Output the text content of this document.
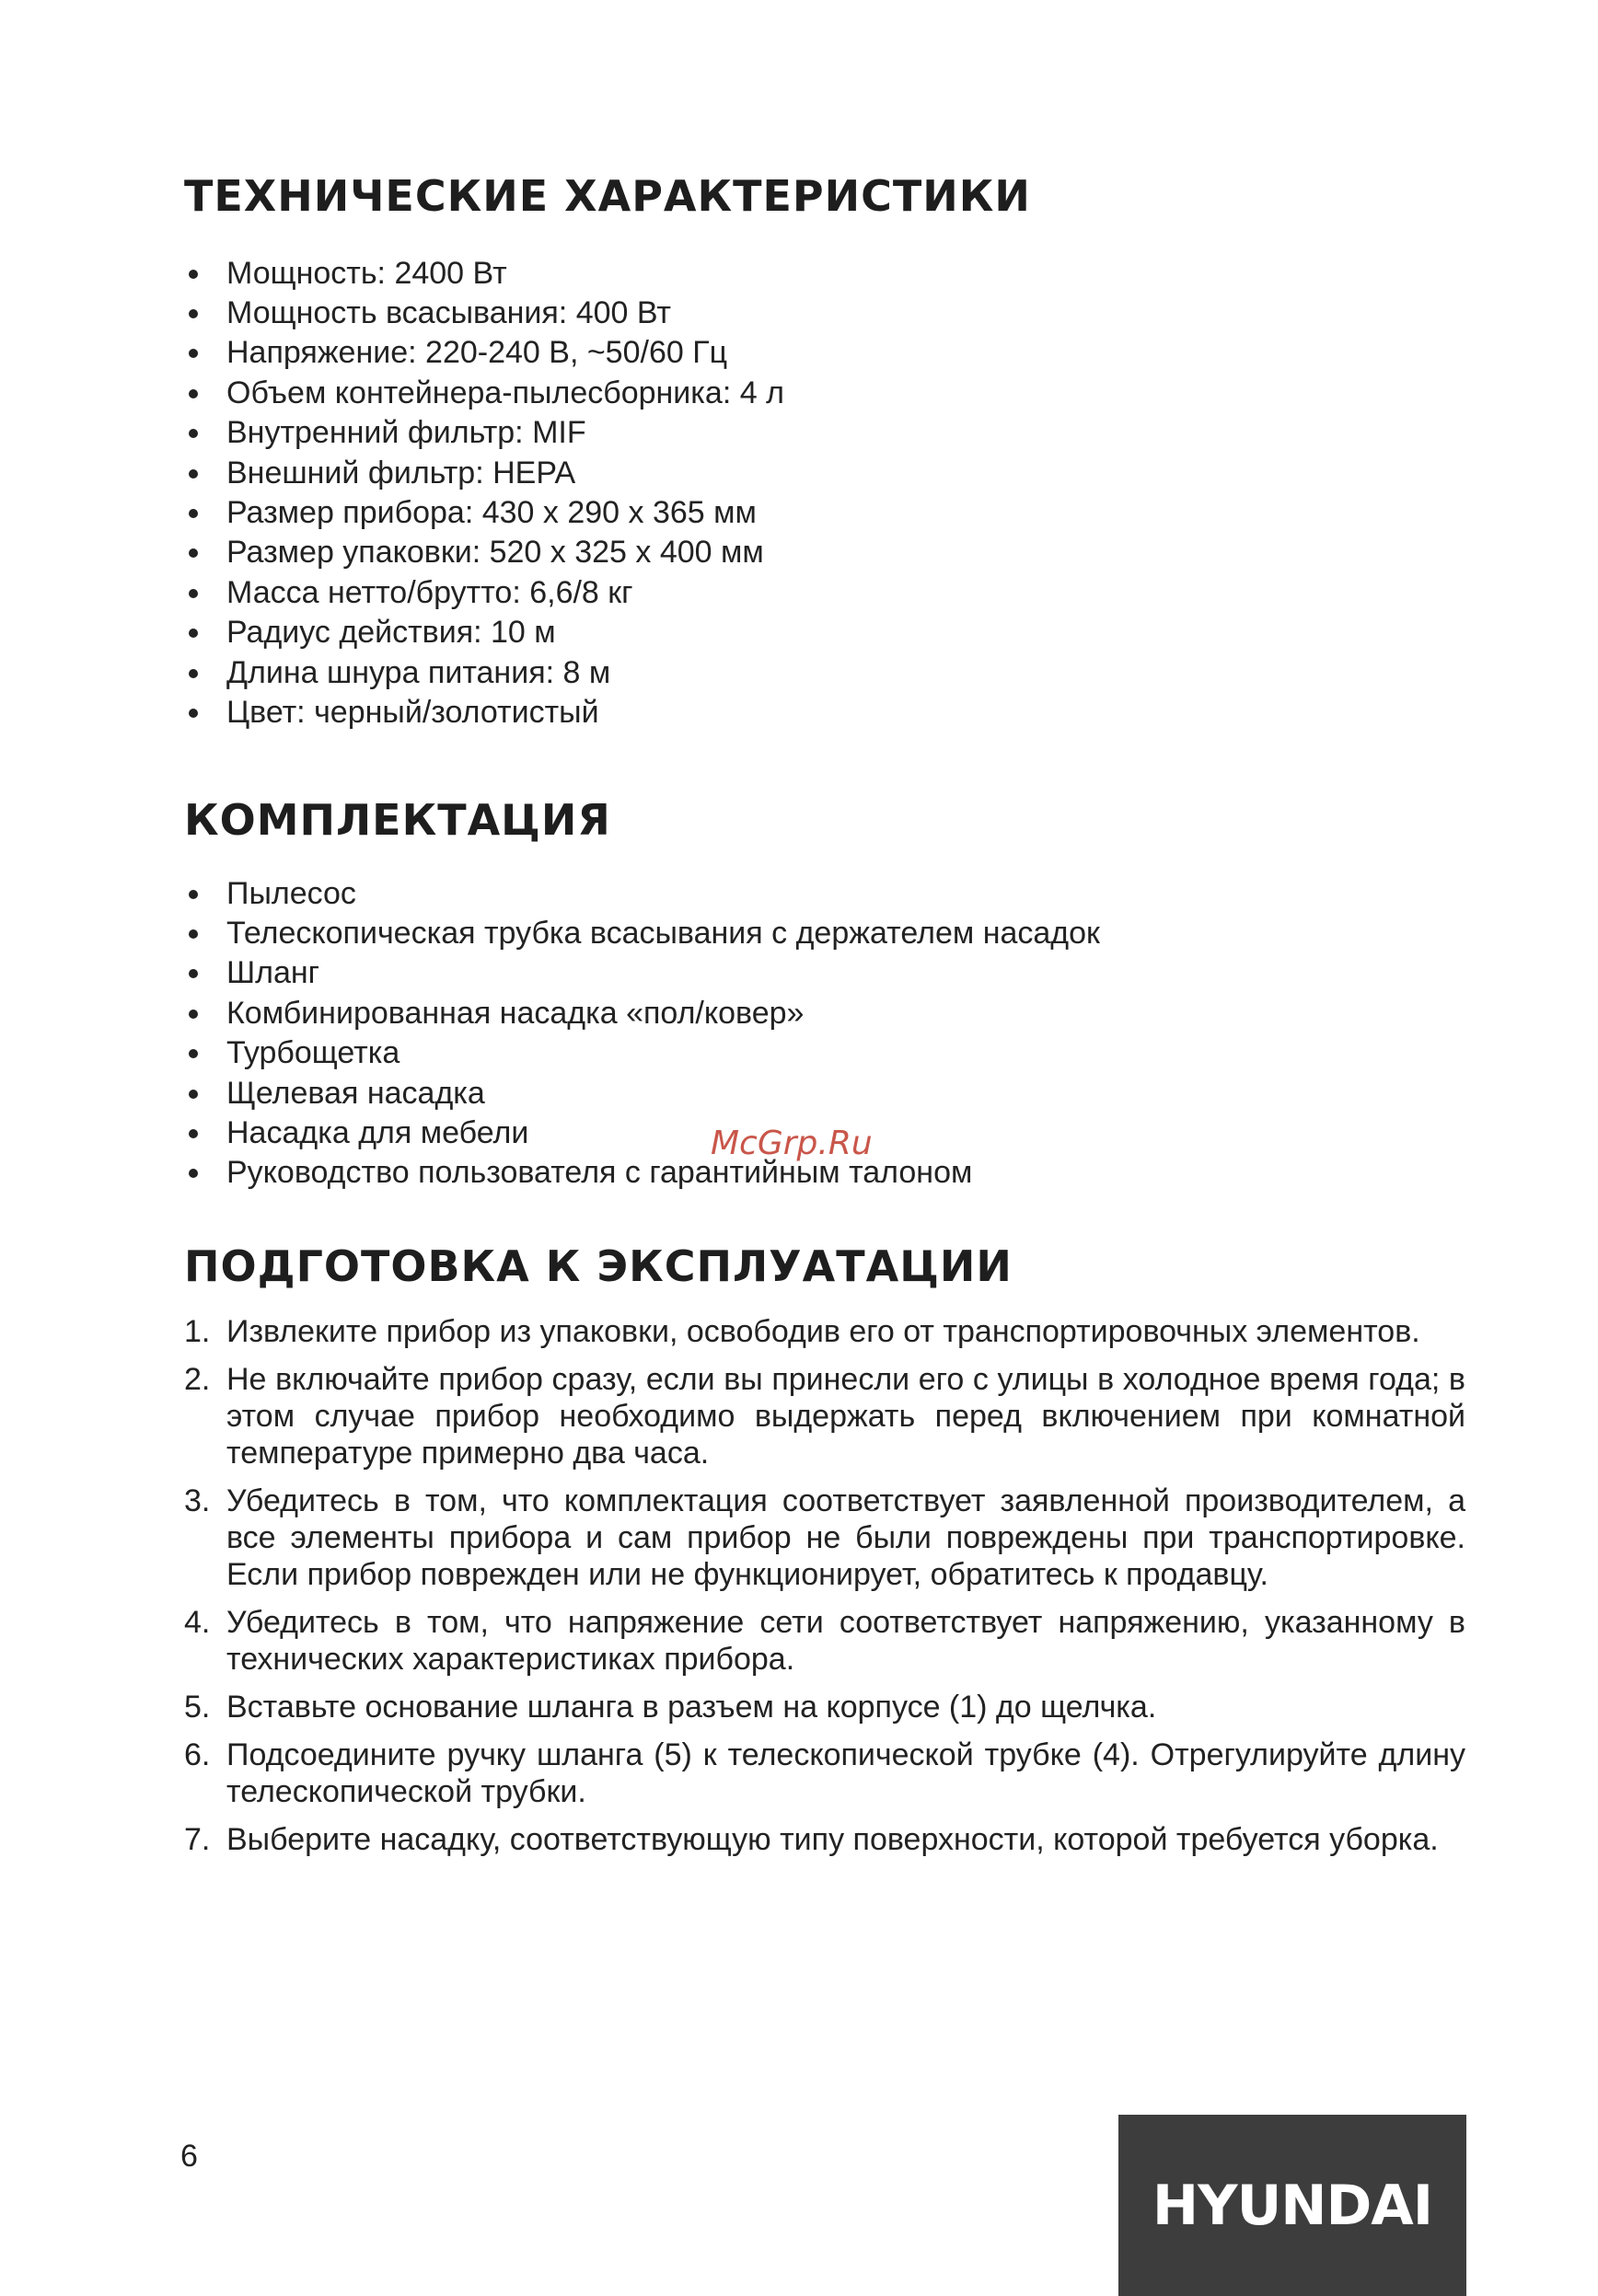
ТЕХНИЧЕСКИЕ ХАРАКТЕРИСТИКИ
Мощность: 2400 Вт
Мощность всасывания: 400 Вт
Напряжение: 220-240 В, ~50/60 Гц
Объем контейнера-пылесборника: 4 л
Внутренний фильтр: MIF
Внешний фильтр: HEPA
Размер прибора: 430 x 290 x 365 мм
Размер упаковки: 520 x 325 x 400 мм
Масса нетто/брутто: 6,6/8 кг
Радиус действия: 10 м
Длина шнура питания: 8 м
Цвет: черный/золотистый
КОМПЛЕКТАЦИЯ
Пылесос
Телескопическая трубка всасывания с держателем насадок
Шланг
Комбинированная насадка «пол/ковер»
Турбощетка
Щелевая насадка
Насадка для мебели
Руководство пользователя с гарантийным талоном
ПОДГОТОВКА К ЭКСПЛУАТАЦИИ
1. Извлеките прибор из упаковки, освободив его от транспортировочных элементов.
2. Не включайте прибор сразу, если вы принесли его с улицы в холодное время года; в этом случае прибор необходимо выдержать перед включением при комнатной температуре примерно два часа.
3. Убедитесь в том, что комплектация соответствует заявленной производителем, а все элементы прибора и сам прибор не были повреждены при транспортировке. Если прибор поврежден или не функционирует, обратитесь к продавцу.
4. Убедитесь в том, что напряжение сети соответствует напряжению, указанному в технических характеристиках прибора.
5. Вставьте основание шланга в разъем на корпусе (1) до щелчка.
6. Подсоедините ручку шланга (5) к телескопической трубке (4). Отрегулируйте длину телескопической трубки.
7. Выберите насадку, соответствующую типу поверхности, которой требуется уборка.
McGrp.Ru
6
HYUNDAI
